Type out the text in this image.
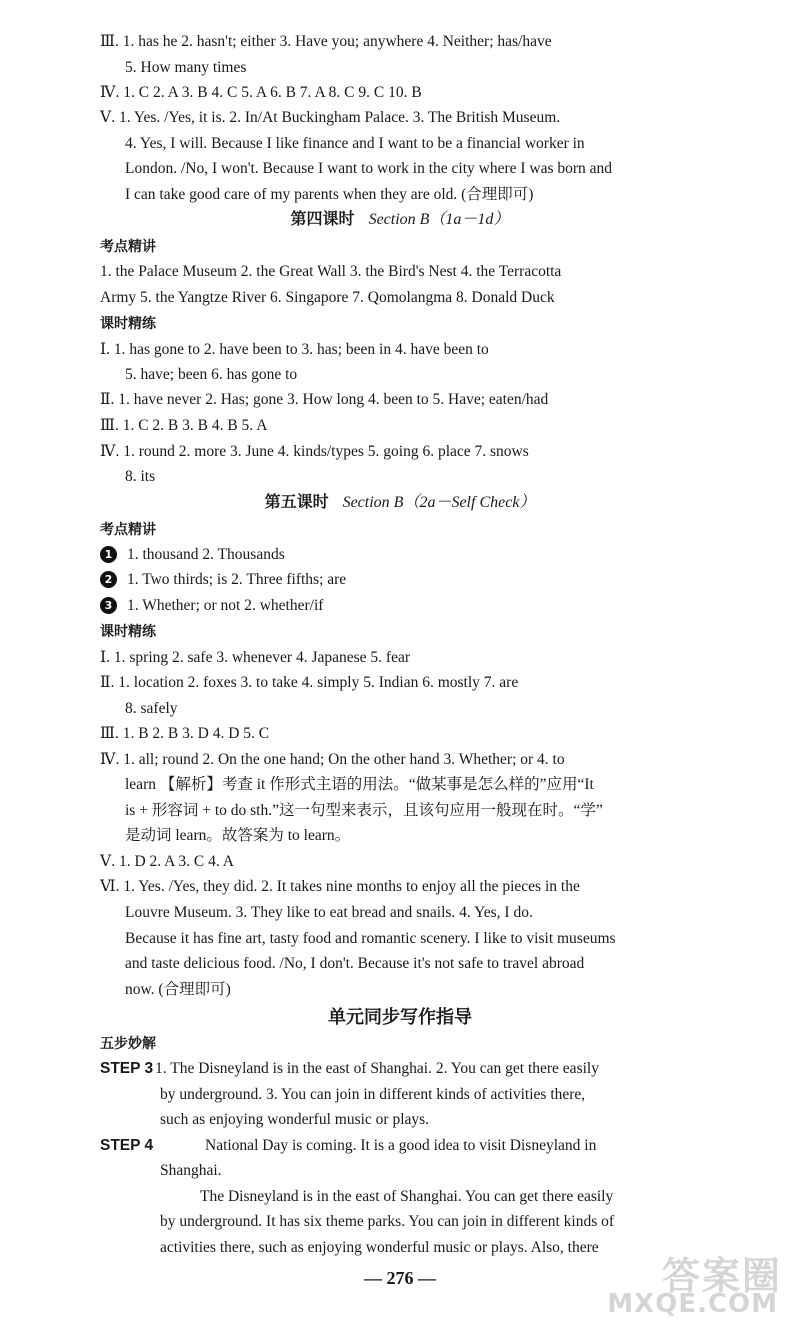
Ⅲ. 1. has he 2. hasn't; either 3. Have you; anywhere 4. Neither; has/have
5. How many times
Ⅳ. 1. C 2. A 3. B 4. C 5. A 6. B 7. A 8. C 9. C 10. B
Ⅴ. 1. Yes. /Yes, it is. 2. In/At Buckingham Palace. 3. The British Museum.
4. Yes, I will. Because I like finance and I want to be a financial worker in
London. /No, I won't. Because I want to work in the city where I was born and
I can take good care of my parents when they are old. (合理即可)
第四课时 Section B（1a－1d）
考点精讲
1. the Palace Museum 2. the Great Wall 3. the Bird's Nest 4. the Terracotta
Army 5. the Yangtze River 6. Singapore 7. Qomolangma 8. Donald Duck
课时精练
Ⅰ. 1. has gone to 2. have been to 3. has; been in 4. have been to
5. have; been 6. has gone to
Ⅱ. 1. have never 2. Has; gone 3. How long 4. been to 5. Have; eaten/had
Ⅲ. 1. C 2. B 3. B 4. B 5. A
Ⅳ. 1. round 2. more 3. June 4. kinds/types 5. going 6. place 7. snows
8. its
第五课时 Section B（2a－Self Check）
考点精讲
1 1. thousand 2. Thousands
2 1. Two thirds; is 2. Three fifths; are
3 1. Whether; or not 2. whether/if
课时精练
Ⅰ. 1. spring 2. safe 3. whenever 4. Japanese 5. fear
Ⅱ. 1. location 2. foxes 3. to take 4. simply 5. Indian 6. mostly 7. are
8. safely
Ⅲ. 1. B 2. B 3. D 4. D 5. C
Ⅳ. 1. all; round 2. On the one hand; On the other hand 3. Whether; or 4. to
learn 【解析】考查 it 作形式主语的用法。“做某事是怎么样的”应用“It
is + 形容词 + to do sth.”这一句型来表示，且该句应用一般现在时。“学”
是动词 learn。故答案为 to learn。
Ⅴ. 1. D 2. A 3. C 4. A
Ⅵ. 1. Yes. /Yes, they did. 2. It takes nine months to enjoy all the pieces in the
Louvre Museum. 3. They like to eat bread and snails. 4. Yes, I do.
Because it has fine art, tasty food and romantic scenery. I like to visit museums
and taste delicious food. /No, I don't. Because it's not safe to travel abroad
now. (合理即可)
单元同步写作指导
五步妙解
STEP 3 1. The Disneyland is in the east of Shanghai. 2. You can get there easily
by underground. 3. You can join in different kinds of activities there,
such as enjoying wonderful music or plays.
STEP 4	National Day is coming. It is a good idea to visit Disneyland in
Shanghai.
The Disneyland is in the east of Shanghai. You can get there easily
by underground. It has six theme parks. You can join in different kinds of
activities there, such as enjoying wonderful music or plays. Also, there
— 276 —	答案圈
MXQE.COM
